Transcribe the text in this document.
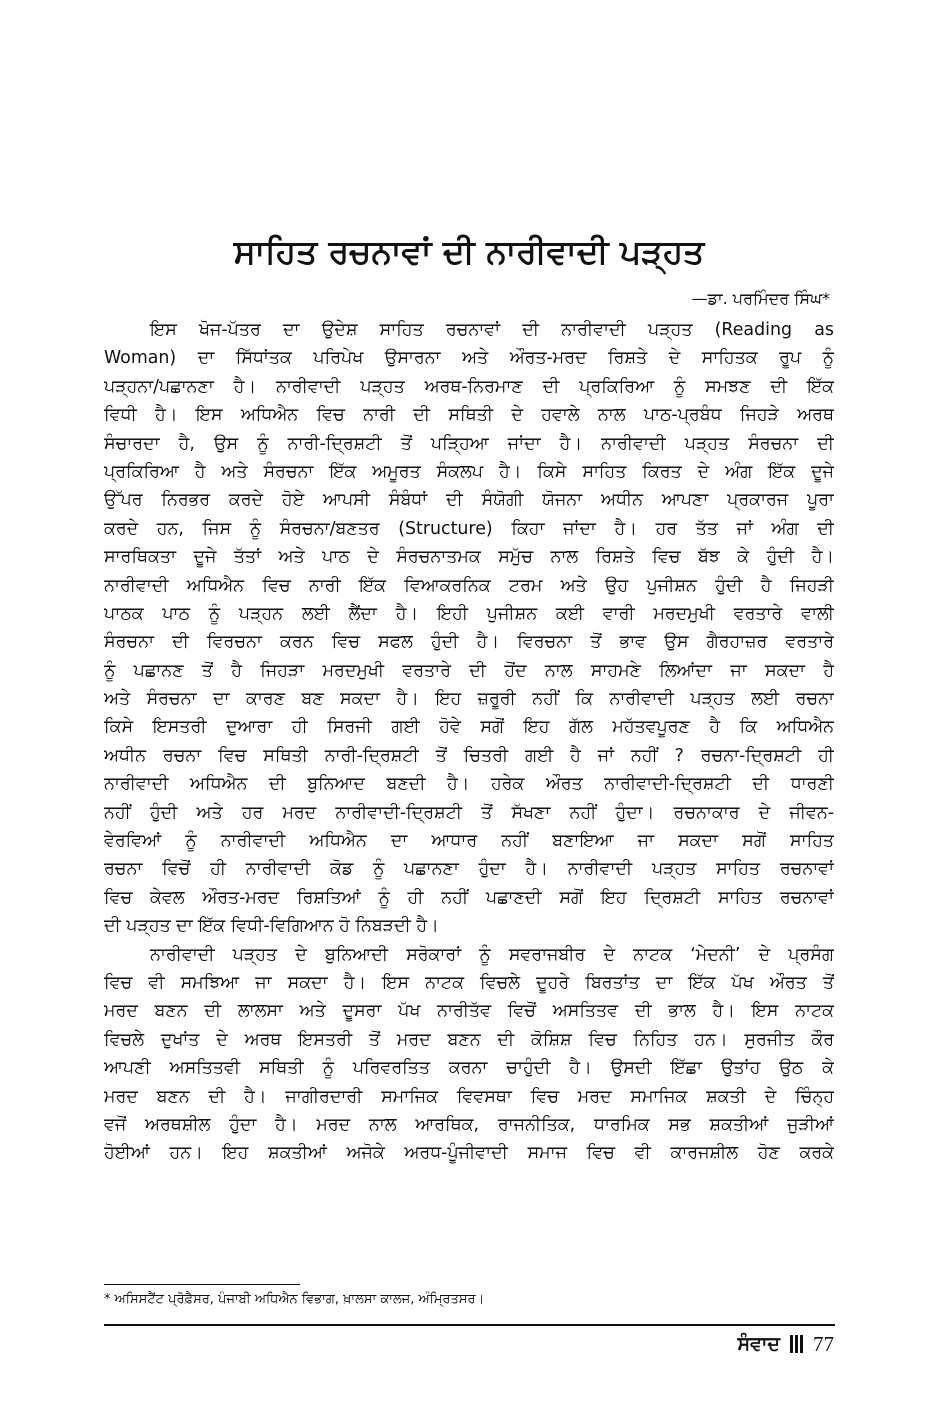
ਸਾਹਿਤ ਰਚਨਾਵਾਂ ਦੀ ਨਾਰੀਵਾਦੀ ਪੜ੍ਹਤ
—ਡਾ. ਪਰਮਿੰਦਰ ਸਿੰਘ*
ਇਸ ਖੋਜ-ਪੱਤਰ ਦਾ ਉਦੇਸ਼ ਸਾਹਿਤ ਰਚਨਾਵਾਂ ਦੀ ਨਾਰੀਵਾਦੀ ਪੜ੍ਹਤ (Reading as
Woman) ਦਾ ਸਿੱਧਾਂਤਕ ਪਰਿਪੇਖ ਉਸਾਰਨਾ ਅਤੇ ਔਰਤ-ਮਰਦ ਰਿਸ਼ਤੇ ਦੇ ਸਾਹਿਤਕ ਰੂਪ ਨੂੰ
ਪੜ੍ਹਨਾ/ਪਛਾਨਣਾ ਹੈ। ਨਾਰੀਵਾਦੀ ਪੜ੍ਹਤ ਅਰਥ-ਨਿਰਮਾਣ ਦੀ ਪ੍ਰਕਿਰਿਆ ਨੂੰ ਸਮਝਣ ਦੀ ਇੱਕ
ਵਿਧੀ ਹੈ। ਇਸ ਅਧਿਐਨ ਵਿਚ ਨਾਰੀ ਦੀ ਸਥਿਤੀ ਦੇ ਹਵਾਲੇ ਨਾਲ ਪਾਠ-ਪ੍ਰਬੰਧ ਜਿਹੜੇ ਅਰਥ
ਸੰਚਾਰਦਾ ਹੈ, ਉਸ ਨੂੰ ਨਾਰੀ-ਦ੍ਰਿਸ਼ਟੀ ਤੋਂ ਪੜ੍ਹਿਆ ਜਾਂਦਾ ਹੈ। ਨਾਰੀਵਾਦੀ ਪੜ੍ਹਤ ਸੰਰਚਨਾ ਦੀ
ਪ੍ਰਕਿਰਿਆ ਹੈ ਅਤੇ ਸੰਰਚਨਾ ਇੱਕ ਅਮੂਰਤ ਸੰਕਲਪ ਹੈ। ਕਿਸੇ ਸਾਹਿਤ ਕਿਰਤ ਦੇ ਅੰਗ ਇੱਕ ਦੂਜੇ
ਉੱਪਰ ਨਿਰਭਰ ਕਰਦੇ ਹੋਏ ਆਪਸੀ ਸੰਬੰਧਾਂ ਦੀ ਸੰਯੋਗੀ ਯੋਜਨਾ ਅਧੀਨ ਆਪਣਾ ਪ੍ਰਕਾਰਜ ਪੂਰਾ
ਕਰਦੇ ਹਨ, ਜਿਸ ਨੂੰ ਸੰਰਚਨਾ/ਬਣਤਰ (Structure) ਕਿਹਾ ਜਾਂਦਾ ਹੈ। ਹਰ ਤੱਤ ਜਾਂ ਅੰਗ ਦੀ
ਸਾਰਥਿਕਤਾ ਦੂਜੇ ਤੱਤਾਂ ਅਤੇ ਪਾਠ ਦੇ ਸੰਰਚਨਾਤਮਕ ਸਮੁੱਚ ਨਾਲ ਰਿਸ਼ਤੇ ਵਿਚ ਬੱਝ ਕੇ ਹੁੰਦੀ ਹੈ।
ਨਾਰੀਵਾਦੀ ਅਧਿਐਨ ਵਿਚ ਨਾਰੀ ਇੱਕ ਵਿਆਕਰਨਿਕ ਟਰਮ ਅਤੇ ਉਹ ਪੁਜੀਸ਼ਨ ਹੁੰਦੀ ਹੈ ਜਿਹੜੀ
ਪਾਠਕ ਪਾਠ ਨੂੰ ਪੜ੍ਹਨ ਲਈ ਲੈਂਦਾ ਹੈ। ਇਹੀ ਪੁਜੀਸ਼ਨ ਕਈ ਵਾਰੀ ਮਰਦਮੁਖੀ ਵਰਤਾਰੇ ਵਾਲੀ
ਸੰਰਚਨਾ ਦੀ ਵਿਰਚਨਾ ਕਰਨ ਵਿਚ ਸਫਲ ਹੁੰਦੀ ਹੈ। ਵਿਰਚਨਾ ਤੋਂ ਭਾਵ ਉਸ ਗੈਰਹਾਜ਼ਰ ਵਰਤਾਰੇ
ਨੂੰ ਪਛਾਨਣ ਤੋਂ ਹੈ ਜਿਹੜਾ ਮਰਦਮੁਖੀ ਵਰਤਾਰੇ ਦੀ ਹੋਂਦ ਨਾਲ ਸਾਹਮਣੇ ਲਿਆਂਦਾ ਜਾ ਸਕਦਾ ਹੈ
ਅਤੇ ਸੰਰਚਨਾ ਦਾ ਕਾਰਣ ਬਣ ਸਕਦਾ ਹੈ। ਇਹ ਜ਼ਰੂਰੀ ਨਹੀਂ ਕਿ ਨਾਰੀਵਾਦੀ ਪੜ੍ਹਤ ਲਈ ਰਚਨਾ
ਕਿਸੇ ਇਸਤਰੀ ਦੁਆਰਾ ਹੀ ਸਿਰਜੀ ਗਈ ਹੋਵੇ ਸਗੋਂ ਇਹ ਗੱਲ ਮਹੱਤਵਪੂਰਣ ਹੈ ਕਿ ਅਧਿਐਨ
ਅਧੀਨ ਰਚਨਾ ਵਿਚ ਸਥਿਤੀ ਨਾਰੀ-ਦ੍ਰਿਸ਼ਟੀ ਤੋਂ ਚਿਤਰੀ ਗਈ ਹੈ ਜਾਂ ਨਹੀਂ ? ਰਚਨਾ-ਦ੍ਰਿਸ਼ਟੀ ਹੀ
ਨਾਰੀਵਾਦੀ ਅਧਿਐਨ ਦੀ ਬੁਨਿਆਦ ਬਣਦੀ ਹੈ। ਹਰੇਕ ਔਰਤ ਨਾਰੀਵਾਦੀ-ਦ੍ਰਿਸ਼ਟੀ ਦੀ ਧਾਰਣੀ
ਨਹੀਂ ਹੁੰਦੀ ਅਤੇ ਹਰ ਮਰਦ ਨਾਰੀਵਾਦੀ-ਦ੍ਰਿਸ਼ਟੀ ਤੋਂ ਸੱਖਣਾ ਨਹੀਂ ਹੁੰਦਾ। ਰਚਨਾਕਾਰ ਦੇ ਜੀਵਨ-
ਵੇਰਵਿਆਂ ਨੂੰ ਨਾਰੀਵਾਦੀ ਅਧਿਐਨ ਦਾ ਆਧਾਰ ਨਹੀਂ ਬਣਾਇਆ ਜਾ ਸਕਦਾ ਸਗੋਂ ਸਾਹਿਤ
ਰਚਨਾ ਵਿਚੋਂ ਹੀ ਨਾਰੀਵਾਦੀ ਕੋਡ ਨੂੰ ਪਛਾਨਣਾ ਹੁੰਦਾ ਹੈ। ਨਾਰੀਵਾਦੀ ਪੜ੍ਹਤ ਸਾਹਿਤ ਰਚਨਾਵਾਂ
ਵਿਚ ਕੇਵਲ ਔਰਤ-ਮਰਦ ਰਿਸ਼ਤਿਆਂ ਨੂੰ ਹੀ ਨਹੀਂ ਪਛਾਣਦੀ ਸਗੋਂ ਇਹ ਦ੍ਰਿਸ਼ਟੀ ਸਾਹਿਤ ਰਚਨਾਵਾਂ
ਦੀ ਪੜ੍ਹਤ ਦਾ ਇੱਕ ਵਿਧੀ-ਵਿਗਿਆਨ ਹੋ ਨਿਬੜਦੀ ਹੈ।
ਨਾਰੀਵਾਦੀ ਪੜ੍ਹਤ ਦੇ ਬੁਨਿਆਦੀ ਸਰੋਕਾਰਾਂ ਨੂੰ ਸਵਰਾਜਬੀਰ ਦੇ ਨਾਟਕ ‘ਮੇਦਨੀ’ ਦੇ ਪ੍ਰਸੰਗ
ਵਿਚ ਵੀ ਸਮਝਿਆ ਜਾ ਸਕਦਾ ਹੈ। ਇਸ ਨਾਟਕ ਵਿਚਲੇ ਦੂਹਰੇ ਬਿਰਤਾਂਤ ਦਾ ਇੱਕ ਪੱਖ ਔਰਤ ਤੋਂ
ਮਰਦ ਬਣਨ ਦੀ ਲਾਲਸਾ ਅਤੇ ਦੂਸਰਾ ਪੱਖ ਨਾਰੀਤੱਵ ਵਿਚੋਂ ਅਸਤਿਤਵ ਦੀ ਭਾਲ ਹੈ। ਇਸ ਨਾਟਕ
ਵਿਚਲੇ ਦੁਖਾਂਤ ਦੇ ਅਰਥ ਇਸਤਰੀ ਤੋਂ ਮਰਦ ਬਣਨ ਦੀ ਕੋਸ਼ਿਸ਼ ਵਿਚ ਨਿਹਿਤ ਹਨ। ਸੁਰਜੀਤ ਕੌਰ
ਆਪਣੀ ਅਸਤਿਤਵੀ ਸਥਿਤੀ ਨੂੰ ਪਰਿਵਰਤਿਤ ਕਰਨਾ ਚਾਹੁੰਦੀ ਹੈ। ਉਸਦੀ ਇੱਛਾ ਉਤਾਂਹ ਉਠ ਕੇ
ਮਰਦ ਬਣਨ ਦੀ ਹੈ। ਜਾਗੀਰਦਾਰੀ ਸਮਾਜਿਕ ਵਿਵਸਥਾ ਵਿਚ ਮਰਦ ਸਮਾਜਿਕ ਸ਼ਕਤੀ ਦੇ ਚਿੰਨ੍ਹ
ਵਜੋਂ ਅਰਥਸ਼ੀਲ ਹੁੰਦਾ ਹੈ। ਮਰਦ ਨਾਲ ਆਰਥਿਕ, ਰਾਜਨੀਤਿਕ, ਧਾਰਮਿਕ ਸਭ ਸ਼ਕਤੀਆਂ ਜੁੜੀਆਂ
ਹੋਈਆਂ ਹਨ। ਇਹ ਸ਼ਕਤੀਆਂ ਅਜੋਕੇ ਅਰਧ-ਪੂੰਜੀਵਾਦੀ ਸਮਾਜ ਵਿਚ ਵੀ ਕਾਰਜਸ਼ੀਲ ਹੋਣ ਕਰਕੇ
* ਅਸਿਸਟੈਂਟ ਪ੍ਰੋਫ਼ੈਸਰ, ਪੰਜਾਬੀ ਅਧਿਐਨ ਵਿਭਾਗ, ਖ਼ਾਲਸਾ ਕਾਲਜ, ਅੰਮ੍ਰਿਤਸਰ।
ਸੰਵਾਦ 77
